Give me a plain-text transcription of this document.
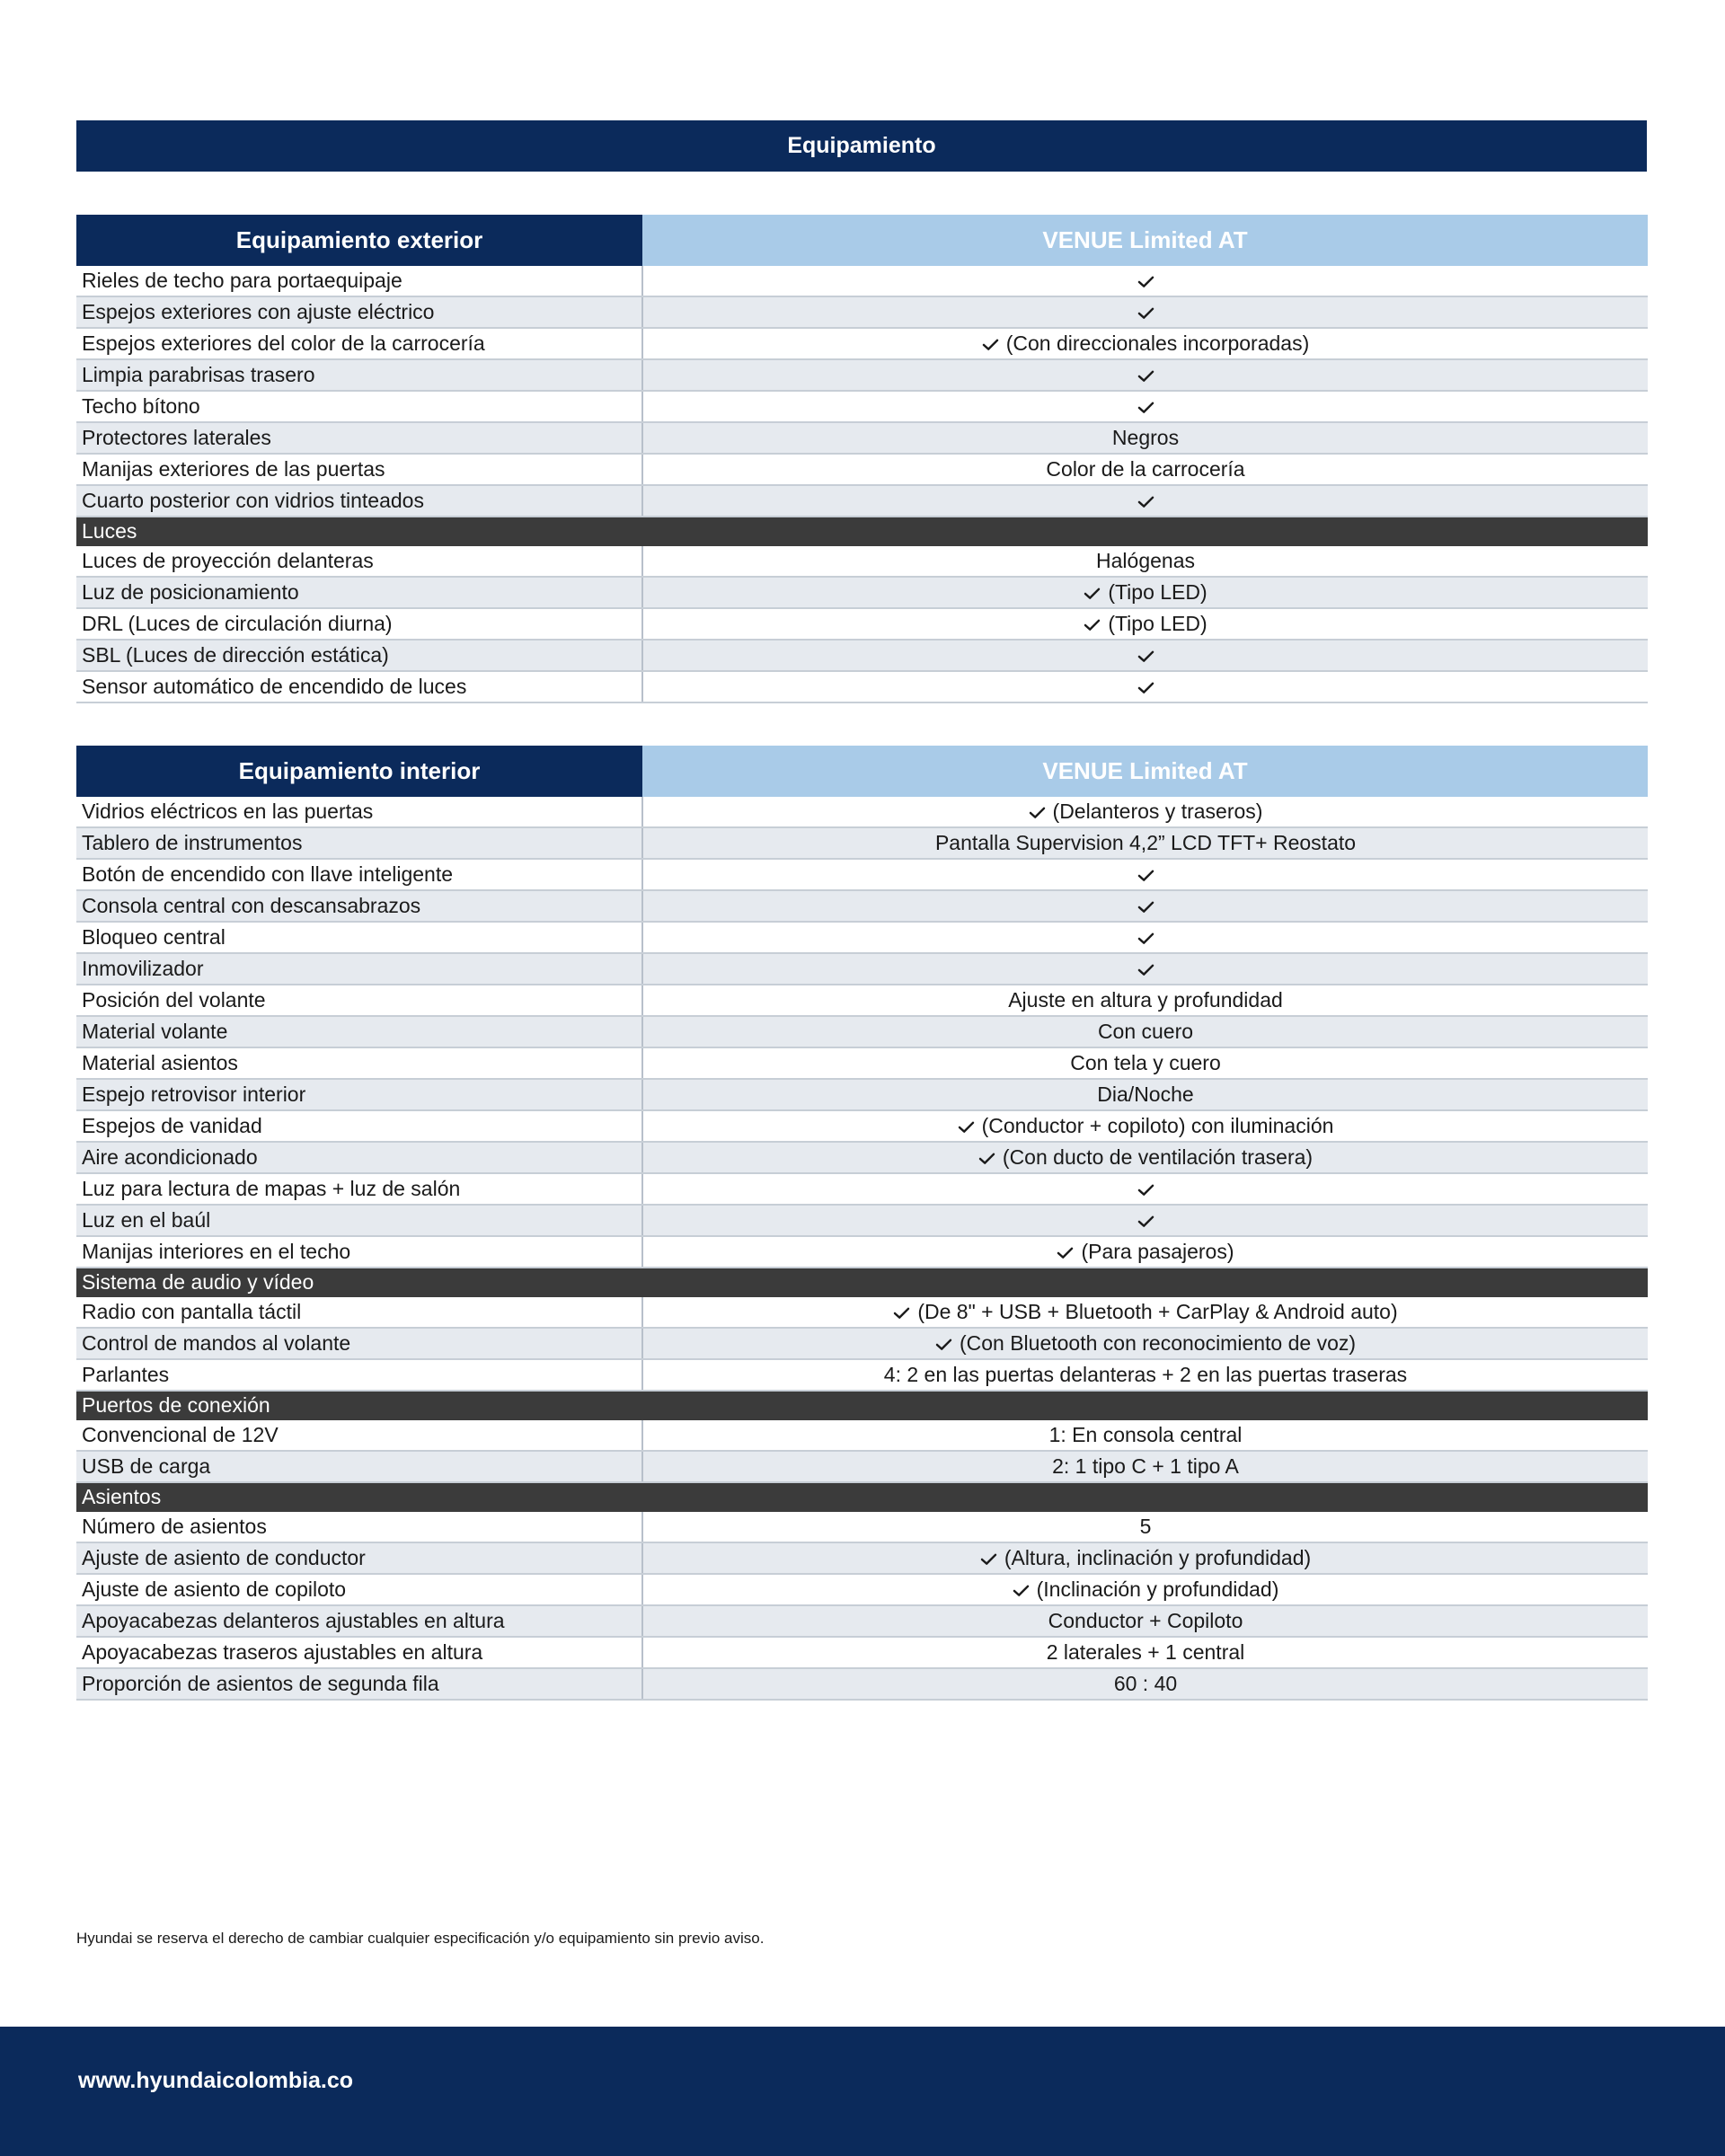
Equipamiento
Equipamiento exterior	VENUE Limited AT
Rieles de techo para portaequipaje	
Espejos exteriores con ajuste eléctrico	
Espejos exteriores del color de la carrocería	(Con direccionales incorporadas)
Limpia parabrisas trasero	
Techo bítono	
Protectores laterales	Negros
Manijas exteriores de las puertas	Color de la carrocería
Cuarto posterior con vidrios tinteados	
Luces	
Luces de proyección delanteras	Halógenas
Luz de posicionamiento	(Tipo LED)
DRL (Luces de circulación diurna)	(Tipo LED)
SBL (Luces de dirección estática)	
Sensor automático de encendido de luces	
Equipamiento interior	VENUE Limited AT
Vidrios eléctricos en las puertas	(Delanteros y traseros)
Tablero de instrumentos	Pantalla Supervision 4,2” LCD TFT+ Reostato
Botón de encendido con llave inteligente	
Consola central con descansabrazos	
Bloqueo central	
Inmovilizador	
Posición del volante	Ajuste en altura y profundidad
Material volante	Con cuero
Material asientos	Con tela y cuero
Espejo retrovisor interior	Dia/Noche
Espejos de vanidad	(Conductor + copiloto) con iluminación
Aire acondicionado	(Con ducto de ventilación trasera)
Luz para lectura de mapas + luz de salón	
Luz en el baúl	
Manijas interiores en el techo	(Para pasajeros)
Sistema de audio y vídeo	
Radio con pantalla táctil	(De 8" + USB + Bluetooth + CarPlay & Android auto)
Control de mandos al volante	(Con Bluetooth con reconocimiento de voz)
Parlantes	4: 2 en las puertas delanteras + 2 en las puertas traseras
Puertos de conexión	
Convencional de 12V	1: En consola central
USB de carga	2: 1 tipo C + 1 tipo A
Asientos	
Número de asientos	5
Ajuste de asiento de conductor	(Altura, inclinación y profundidad)
Ajuste de asiento de copiloto	(Inclinación y profundidad)
Apoyacabezas delanteros ajustables en altura	Conductor + Copiloto
Apoyacabezas traseros ajustables en altura	2 laterales + 1 central
Proporción de asientos de segunda fila	60 : 40
Hyundai se reserva el derecho de cambiar cualquier especificación y/o equipamiento sin previo aviso.
www.hyundaicolombia.co
